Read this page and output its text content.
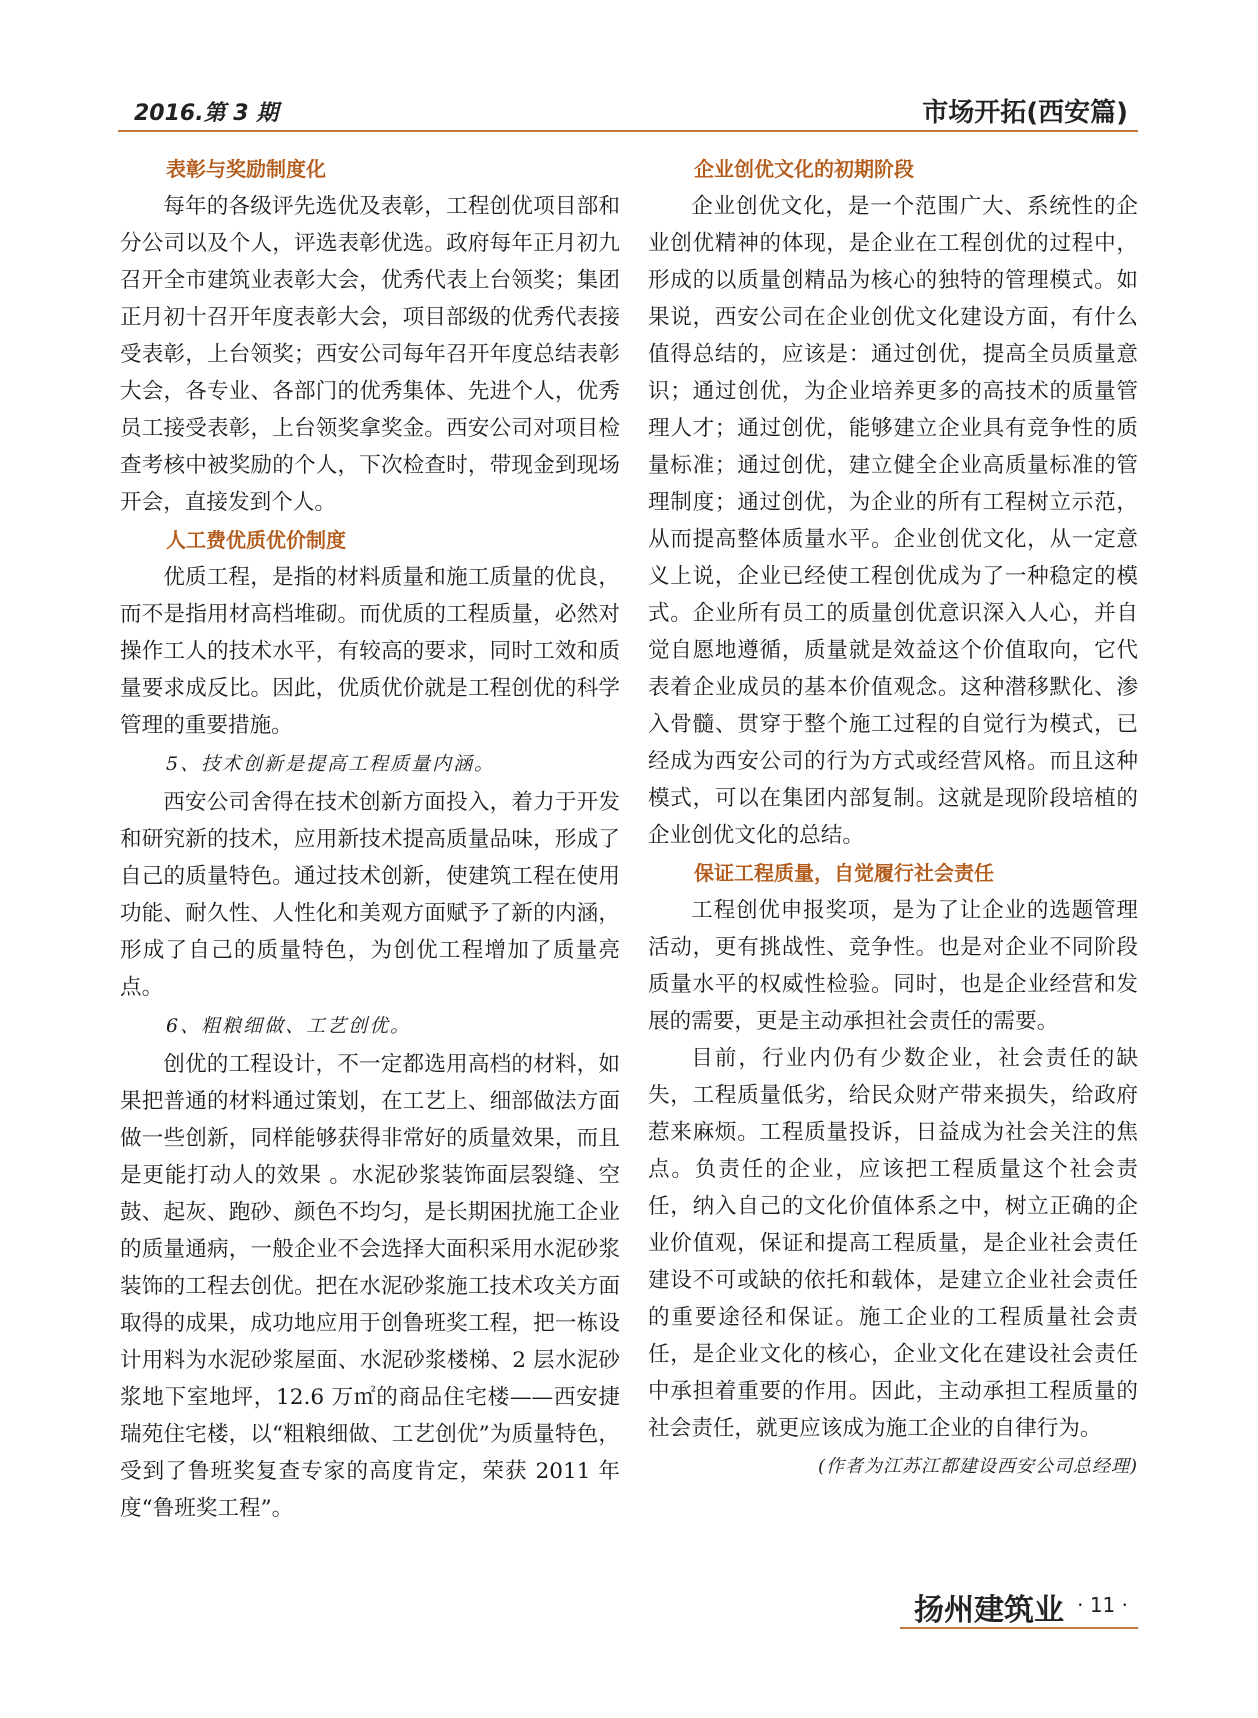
2016.第 3 期	市场开拓(西安篇)
表彰与奖励制度化

每年的各级评先选优及表彰，工程创优项目部和分公司以及个人，评选表彰优选。政府每年正月初九召开全市建筑业表彰大会，优秀代表上台领奖；集团正月初十召开年度表彰大会，项目部级的优秀代表接受表彰，上台领奖；西安公司每年召开年度总结表彰大会，各专业、各部门的优秀集体、先进个人，优秀员工接受表彰，上台领奖拿奖金。西安公司对项目检查考核中被奖励的个人，下次检查时，带现金到现场开会，直接发到个人。

人工费优质优价制度

优质工程，是指的材料质量和施工质量的优良，而不是指用材高档堆砌。而优质的工程质量，必然对操作工人的技术水平，有较高的要求，同时工效和质量要求成反比。因此，优质优价就是工程创优的科学管理的重要措施。

5、技术创新是提高工程质量内涵。

西安公司舍得在技术创新方面投入，着力于开发和研究新的技术，应用新技术提高质量品味，形成了自己的质量特色。通过技术创新，使建筑工程在使用功能、耐久性、人性化和美观方面赋予了新的内涵，形成了自己的质量特色，为创优工程增加了质量亮点。

6、粗粮细做、工艺创优。

创优的工程设计，不一定都选用高档的材料，如果把普通的材料通过策划，在工艺上、细部做法方面做一些创新，同样能够获得非常好的质量效果，而且是更能打动人的效果 。水泥砂浆装饰面层裂缝、空鼓、起灰、跑砂、颜色不均匀，是长期困扰施工企业的质量通病，一般企业不会选择大面积采用水泥砂浆装饰的工程去创优。把在水泥砂浆施工技术攻关方面取得的成果，成功地应用于创鲁班奖工程，把一栋设计用料为水泥砂浆屋面、水泥砂浆楼梯、2 层水泥砂浆地下室地坪，12.6 万㎡的商品住宅楼——西安捷瑞苑住宅楼，以“粗粮细做、工艺创优”为质量特色，受到了鲁班奖复查专家的高度肯定，荣获 2011 年度“鲁班奖工程”。

企业创优文化的初期阶段

企业创优文化，是一个范围广大、系统性的企业创优精神的体现，是企业在工程创优的过程中，形成的以质量创精品为核心的独特的管理模式。如果说，西安公司在企业创优文化建设方面，有什么值得总结的，应该是：通过创优，提高全员质量意识；通过创优，为企业培养更多的高技术的质量管理人才；通过创优，能够建立企业具有竞争性的质量标准；通过创优，建立健全企业高质量标准的管理制度；通过创优，为企业的所有工程树立示范，从而提高整体质量水平。企业创优文化，从一定意义上说，企业已经使工程创优成为了一种稳定的模式。企业所有员工的质量创优意识深入人心，并自觉自愿地遵循，质量就是效益这个价值取向，它代表着企业成员的基本价值观念。这种潜移默化、渗入骨髓、贯穿于整个施工过程的自觉行为模式，已经成为西安公司的行为方式或经营风格。而且这种模式，可以在集团内部复制。这就是现阶段培植的企业创优文化的总结。

保证工程质量，自觉履行社会责任

工程创优申报奖项，是为了让企业的选题管理活动，更有挑战性、竞争性。也是对企业不同阶段质量水平的权威性检验。同时，也是企业经营和发展的需要，更是主动承担社会责任的需要。

目前，行业内仍有少数企业，社会责任的缺失，工程质量低劣，给民众财产带来损失，给政府惹来麻烦。工程质量投诉，日益成为社会关注的焦点。负责任的企业，应该把工程质量这个社会责任，纳入自己的文化价值体系之中，树立正确的企业价值观，保证和提高工程质量，是企业社会责任建设不可或缺的依托和载体，是建立企业社会责任的重要途径和保证。施工企业的工程质量社会责任，是企业文化的核心，企业文化在建设社会责任中承担着重要的作用。因此，主动承担工程质量的社会责任，就更应该成为施工企业的自律行为。

(作者为江苏江都建设西安公司总经理)
扬州建筑业 · 11 ·
